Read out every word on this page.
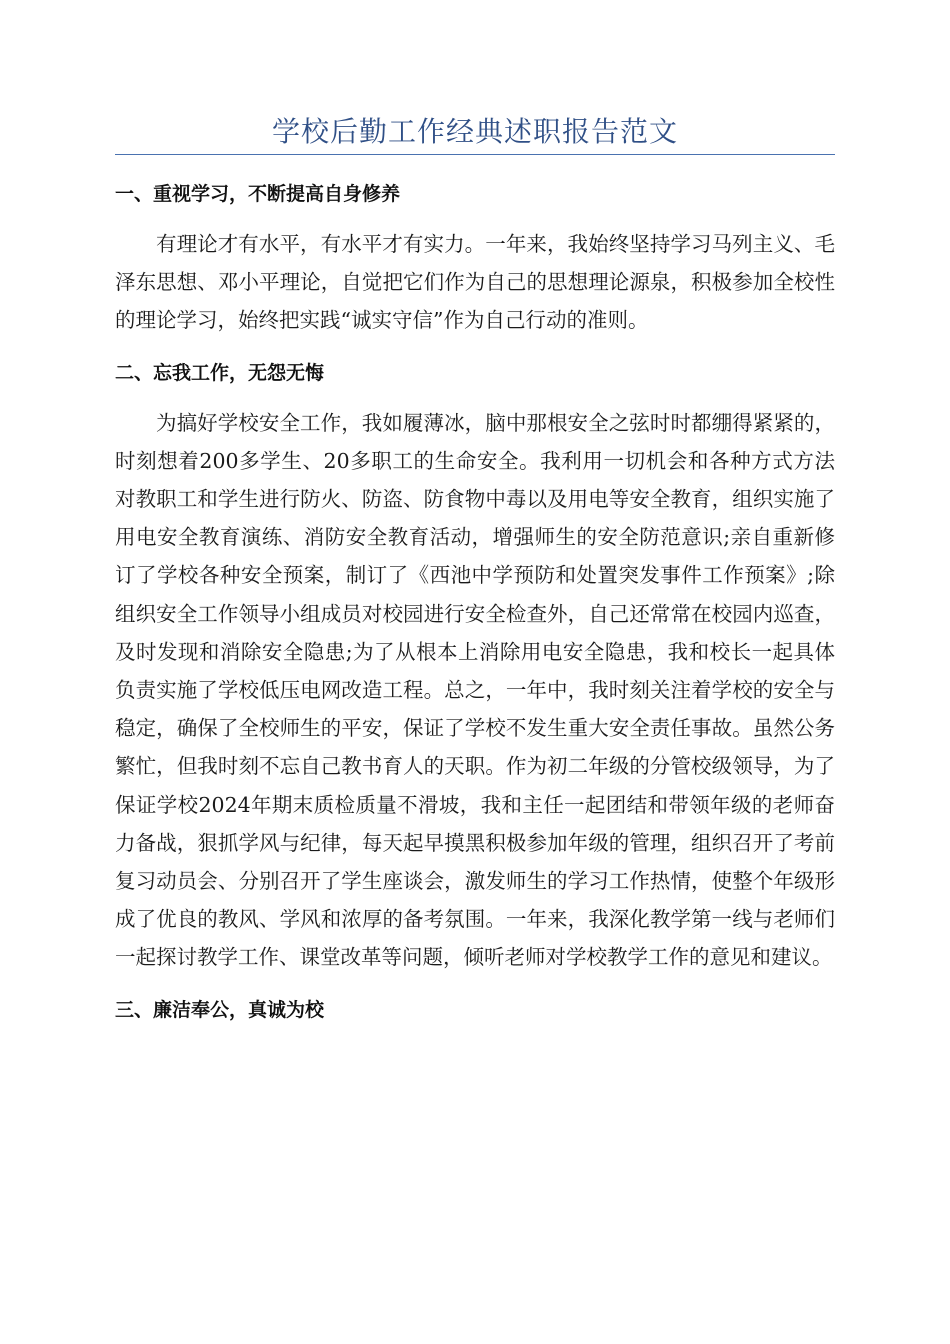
学校后勤工作经典述职报告范文

一、重视学习，不断提高自身修养

有理论才有水平，有水平才有实力。一年来，我始终坚持学习马列主义、毛泽东思想、邓小平理论，自觉把它们作为自己的思想理论源泉，积极参加全校性的理论学习，始终把实践“诚实守信”作为自己行动的准则。

二、忘我工作，无怨无悔

为搞好学校安全工作，我如履薄冰，脑中那根安全之弦时时都绷得紧紧的，时刻想着200多学生、20多职工的生命安全。我利用一切机会和各种方式方法对教职工和学生进行防火、防盗、防食物中毒以及用电等安全教育，组织实施了用电安全教育演练、消防安全教育活动，增强师生的安全防范意识;亲自重新修订了学校各种安全预案，制订了《西池中学预防和处置突发事件工作预案》;除组织安全工作领导小组成员对校园进行安全检查外，自己还常常在校园内巡查，及时发现和消除安全隐患;为了从根本上消除用电安全隐患，我和校长一起具体负责实施了学校低压电网改造工程。总之，一年中，我时刻关注着学校的安全与稳定，确保了全校师生的平安，保证了学校不发生重大安全责任事故。虽然公务繁忙，但我时刻不忘自己教书育人的天职。作为初二年级的分管校级领导，为了保证学校2024年期末质检质量不滑坡，我和主任一起团结和带领年级的老师奋力备战，狠抓学风与纪律，每天起早摸黑积极参加年级的管理，组织召开了考前复习动员会、分别召开了学生座谈会，激发师生的学习工作热情，使整个年级形成了优良的教风、学风和浓厚的备考氛围。一年来，我深化教学第一线与老师们一起探讨教学工作、课堂改革等问题，倾听老师对学校教学工作的意见和建议。

三、廉洁奉公，真诚为校
